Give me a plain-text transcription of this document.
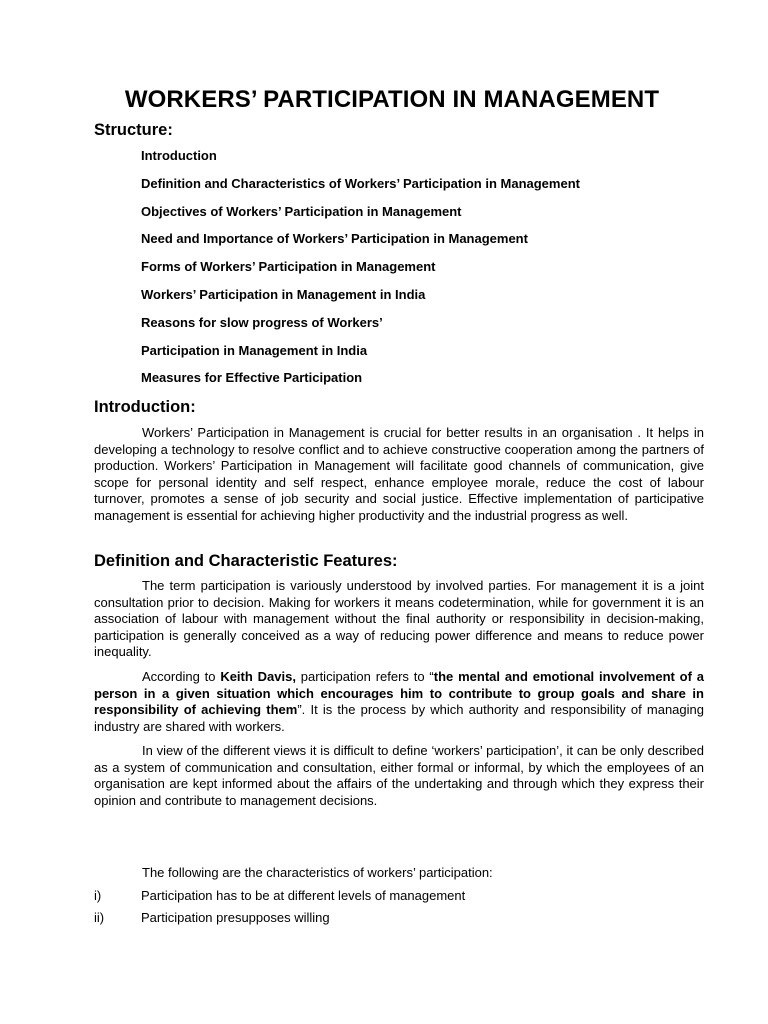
WORKERS’ PARTICIPATION IN MANAGEMENT
Structure:
Introduction
Definition and Characteristics of Workers’ Participation in Management
Objectives of Workers’ Participation in Management
Need and Importance of Workers’ Participation in Management
Forms of Workers’ Participation in Management
Workers’ Participation in Management in India
Reasons for slow progress of Workers’
Participation in Management in India
Measures for Effective Participation
Introduction:

Workers’ Participation in Management is crucial for better results in an organisation . It helps in developing a technology to resolve conflict and to achieve constructive cooperation among the partners of production. Workers’ Participation in Management will facilitate good channels of communication, give scope for personal identity and self respect, enhance employee morale, reduce the cost of labour turnover, promotes a sense of job security and social justice. Effective implementation of participative management is essential for achieving higher productivity and the industrial progress as well.

Definition and Characteristic Features:

The term participation is variously understood by involved parties. For management it is a joint consultation prior to decision. Making for workers it means codetermination, while for government it is an association of labour with management without the final authority or responsibility in decision-making, participation is generally conceived as a way of reducing power difference and means to reduce power inequality.

According to Keith Davis, participation refers to “the mental and emotional involvement of a person in a given situation which encourages him to contribute to group goals and share in responsibility of achieving them”. It is the process by which authority and responsibility of managing industry are shared with workers.

In view of the different views it is difficult to define ‘workers’ participation’, it can be only described as a system of communication and consultation, either formal or informal, by which the employees of an organisation are kept informed about the affairs of the undertaking and through which they express their opinion and contribute to management decisions.

The following are the characteristics of workers’ participation:
i)	Participation has to be at different levels of management
ii)	Participation presupposes willing
